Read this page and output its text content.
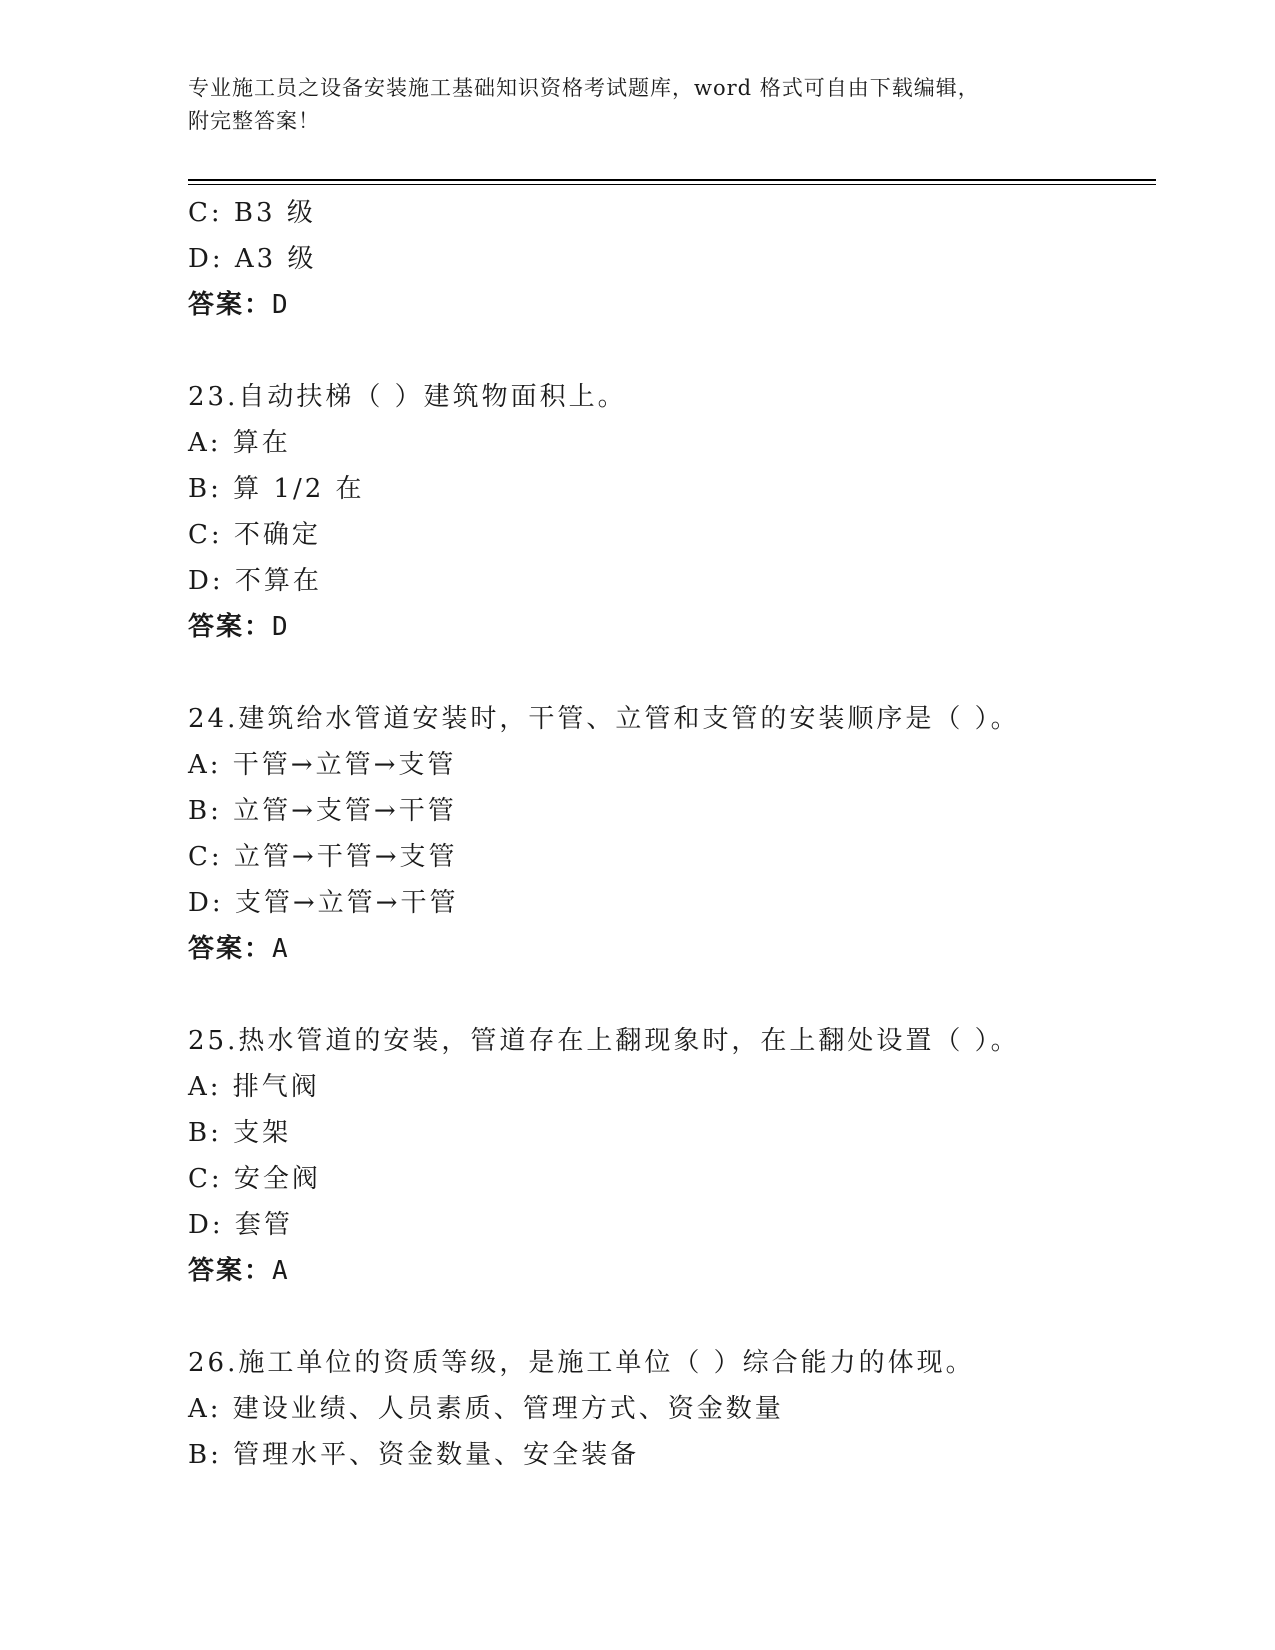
专业施工员之设备安装施工基础知识资格考试题库，word 格式可自由下载编辑，
附完整答案！
C: B3 级
D: A3 级
答案：D
23.自动扶梯（ ）建筑物面积上。
A: 算在
B: 算 1/2 在
C: 不确定
D: 不算在
答案：D
24.建筑给水管道安装时，干管、立管和支管的安装顺序是（ ）。
A: 干管→立管→支管
B: 立管→支管→干管
C: 立管→干管→支管
D: 支管→立管→干管
答案：A
25.热水管道的安装，管道存在上翻现象时，在上翻处设置（ ）。
A: 排气阀
B: 支架
C: 安全阀
D: 套管
答案：A
26.施工单位的资质等级，是施工单位（ ）综合能力的体现。
A: 建设业绩、人员素质、管理方式、资金数量
B: 管理水平、资金数量、安全装备
